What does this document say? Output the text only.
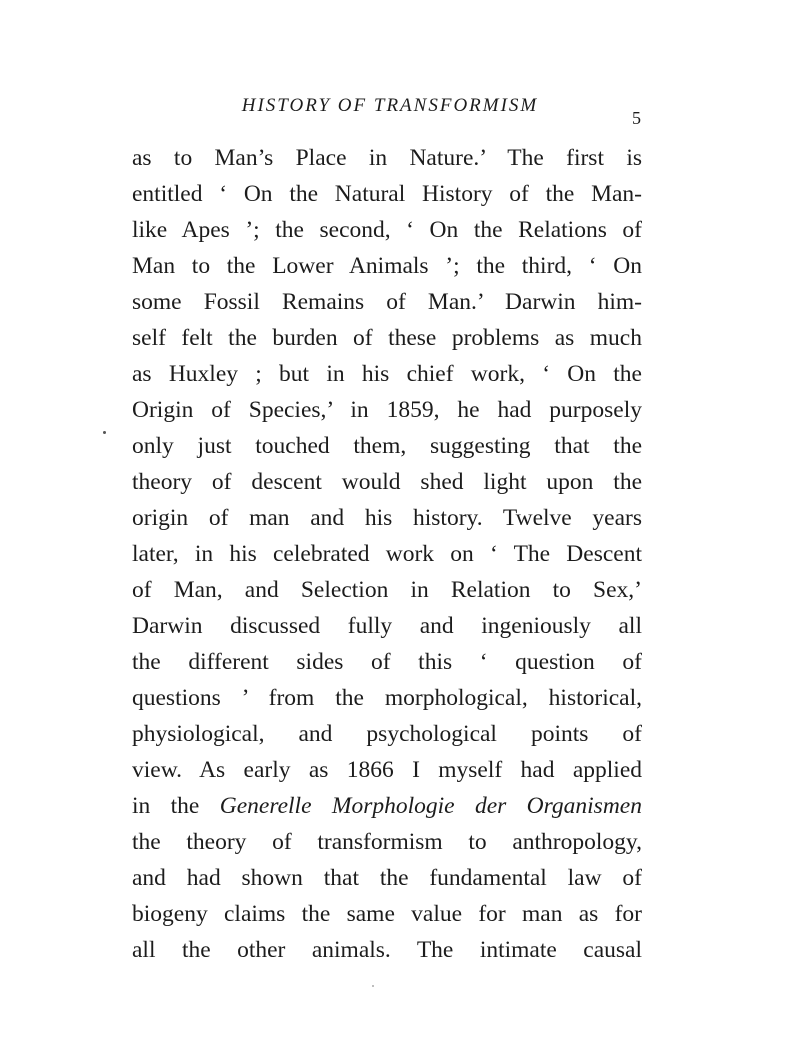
HISTORY OF TRANSFORMISM
5
as to Man’s Place in Nature.’ The first is
entitled ‘ On the Natural History of the Man-
like Apes ’; the second, ‘ On the Relations of
Man to the Lower Animals ’; the third, ‘ On
some Fossil Remains of Man.’ Darwin him-
self felt the burden of these problems as much
as Huxley ; but in his chief work, ‘ On the
Origin of Species,’ in 1859, he had purposely
only just touched them, suggesting that the
theory of descent would shed light upon the
origin of man and his history. Twelve years
later, in his celebrated work on ‘ The Descent
of Man, and Selection in Relation to Sex,’
Darwin discussed fully and ingeniously all
the different sides of this ‘ question of
questions ’ from the morphological, historical,
physiological, and psychological points of
view. As early as 1866 I myself had applied
in the Generelle Morphologie der Organismen
the theory of transformism to anthropology,
and had shown that the fundamental law of
biogeny claims the same value for man as for
all the other animals. The intimate causal
